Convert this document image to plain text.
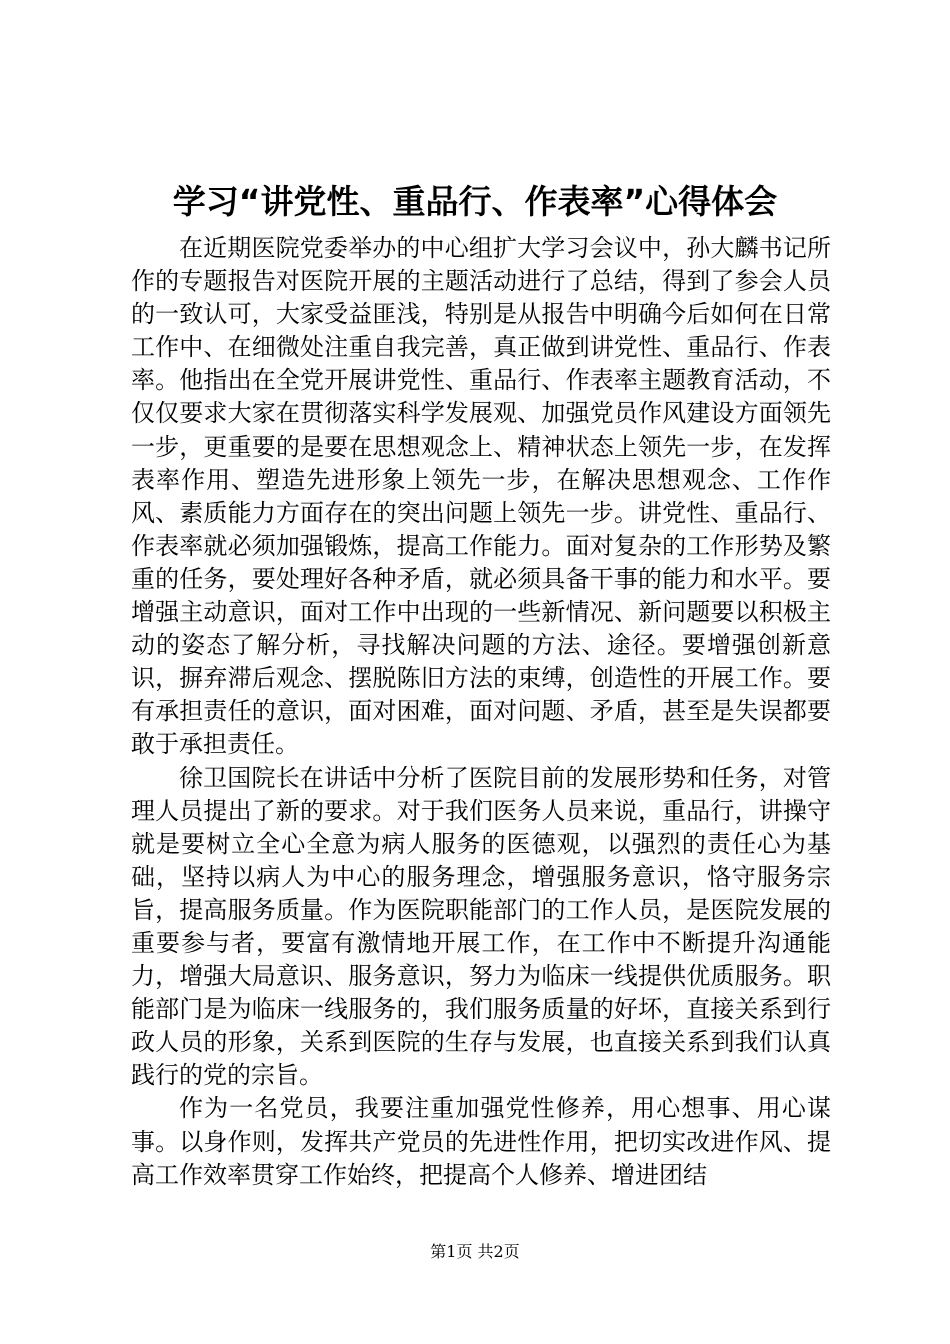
学习“讲党性、重品行、作表率”心得体会

在近期医院党委举办的中心组扩大学习会议中，孙大麟书记所作的专题报告对医院开展的主题活动进行了总结，得到了参会人员的一致认可，大家受益匪浅，特别是从报告中明确今后如何在日常工作中、在细微处注重自我完善，真正做到讲党性、重品行、作表率。他指出在全党开展讲党性、重品行、作表率主题教育活动，不仅仅要求大家在贯彻落实科学发展观、加强党员作风建设方面领先一步，更重要的是要在思想观念上、精神状态上领先一步，在发挥表率作用、塑造先进形象上领先一步，在解决思想观念、工作作风、素质能力方面存在的突出问题上领先一步。讲党性、重品行、作表率就必须加强锻炼，提高工作能力。面对复杂的工作形势及繁重的任务，要处理好各种矛盾，就必须具备干事的能力和水平。要增强主动意识，面对工作中出现的一些新情况、新问题要以积极主动的姿态了解分析，寻找解决问题的方法、途径。要增强创新意识，摒弃滞后观念、摆脱陈旧方法的束缚，创造性的开展工作。要有承担责任的意识，面对困难，面对问题、矛盾，甚至是失误都要敢于承担责任。

徐卫国院长在讲话中分析了医院目前的发展形势和任务，对管理人员提出了新的要求。对于我们医务人员来说，重品行，讲操守就是要树立全心全意为病人服务的医德观，以强烈的责任心为基础，坚持以病人为中心的服务理念，增强服务意识，恪守服务宗旨，提高服务质量。作为医院职能部门的工作人员，是医院发展的重要参与者，要富有激情地开展工作，在工作中不断提升沟通能力，增强大局意识、服务意识，努力为临床一线提供优质服务。职能部门是为临床一线服务的，我们服务质量的好坏，直接关系到行政人员的形象，关系到医院的生存与发展，也直接关系到我们认真践行的党的宗旨。

作为一名党员，我要注重加强党性修养，用心想事、用心谋事。以身作则，发挥共产党员的先进性作用，把切实改进作风、提高工作效率贯穿工作始终，把提高个人修养、增进团结

第1页 共2页
